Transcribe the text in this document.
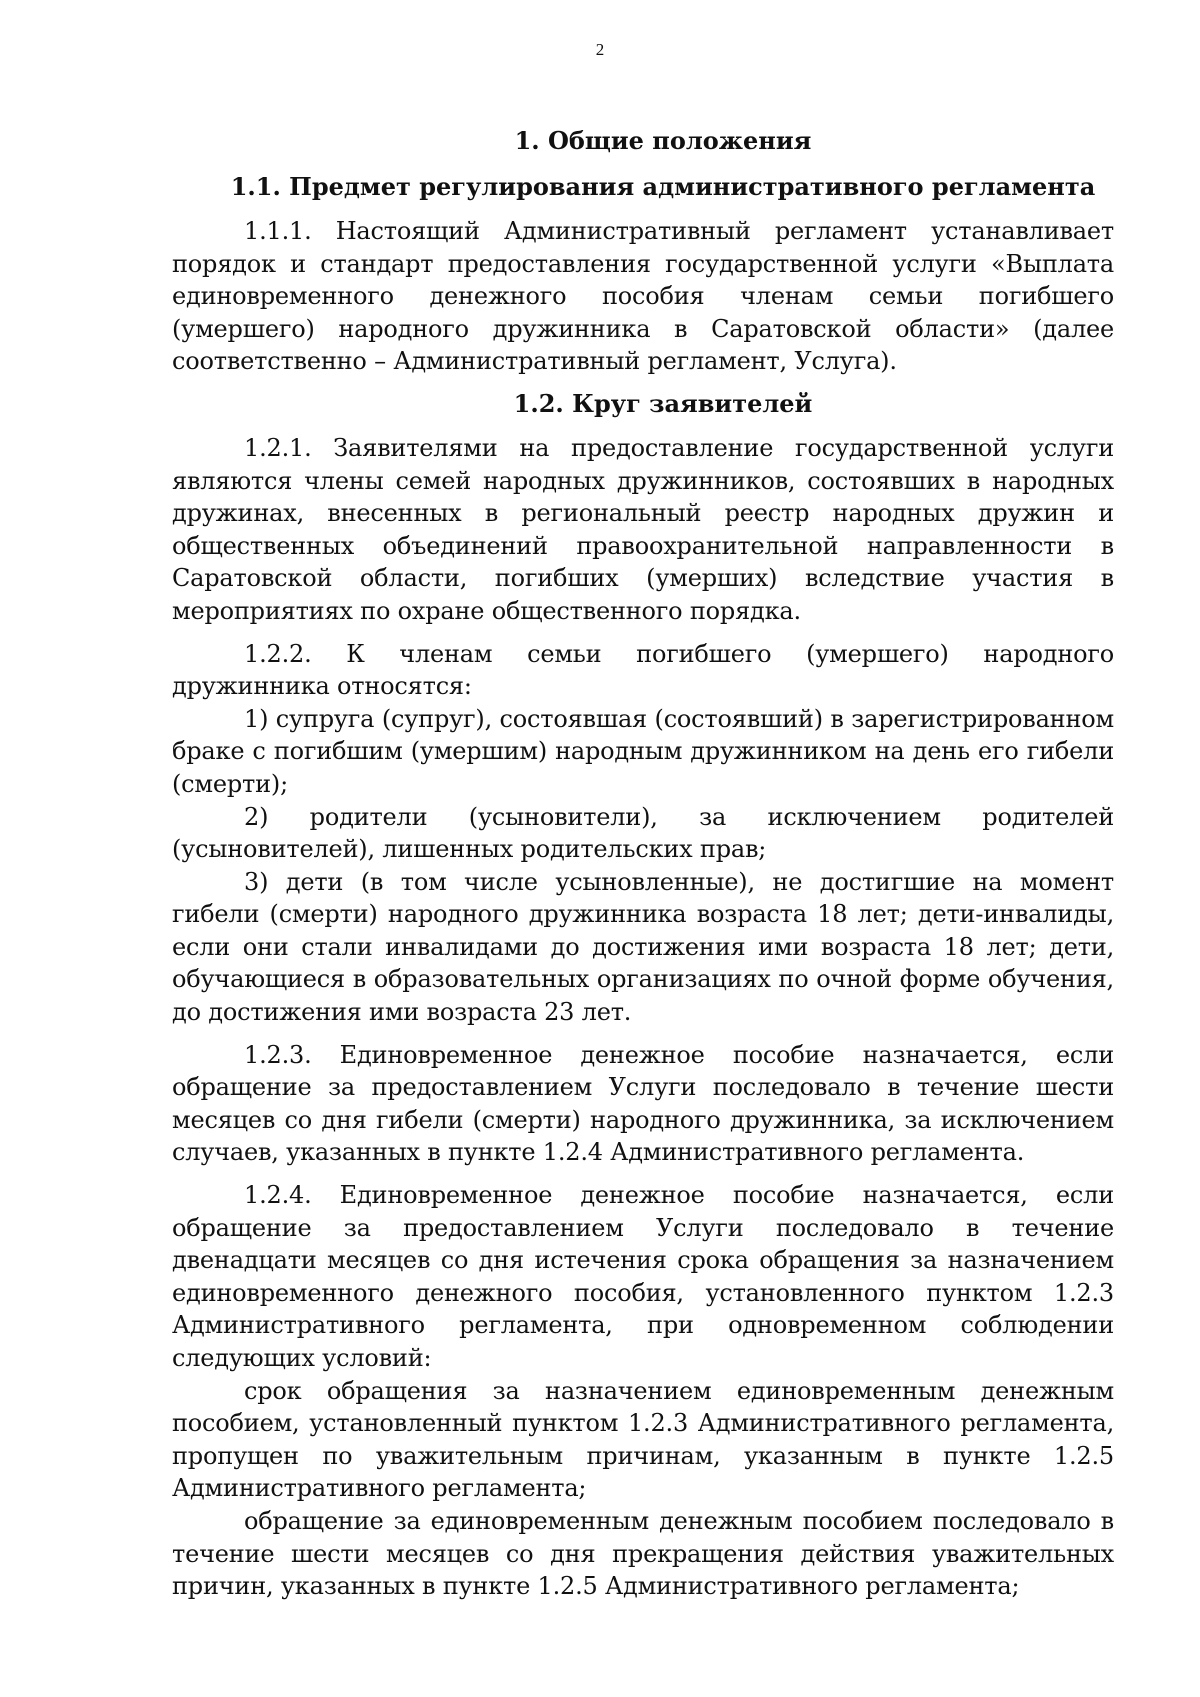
2
1. Общие положения
1.1. Предмет регулирования административного регламента

1.1.1. Настоящий Административный регламент устанавливает порядок и стандарт предоставления государственной услуги «Выплата единовременного денежного пособия членам семьи погибшего (умершего) народного дружинника в Саратовской области» (далее соответственно – Административный регламент, Услуга).

1.2. Круг заявителей

1.2.1. Заявителями на предоставление государственной услуги являются члены семей народных дружинников, состоявших в народных дружинах, внесенных в региональный реестр народных дружин и общественных объединений правоохранительной направленности в Саратовской области, погибших (умерших) вследствие участия в мероприятиях по охране общественного порядка.

1.2.2. К членам семьи погибшего (умершего) народного дружинника относятся:

1) супруга (супруг), состоявшая (состоявший) в зарегистрированном браке с погибшим (умершим) народным дружинником на день его гибели (смерти);

2) родители (усыновители), за исключением родителей (усыновителей), лишенных родительских прав;

3) дети (в том числе усыновленные), не достигшие на момент гибели (смерти) народного дружинника возраста 18 лет; дети-инвалиды, если они стали инвалидами до достижения ими возраста 18 лет; дети, обучающиеся в образовательных организациях по очной форме обучения, до достижения ими возраста 23 лет.

1.2.3. Единовременное денежное пособие назначается, если обращение за предоставлением Услуги последовало в течение шести месяцев со дня гибели (смерти) народного дружинника, за исключением случаев, указанных в пункте 1.2.4 Административного регламента.

1.2.4. Единовременное денежное пособие назначается, если обращение за предоставлением Услуги последовало в течение двенадцати месяцев со дня истечения срока обращения за назначением единовременного денежного пособия, установленного пунктом 1.2.3 Административного регламента, при одновременном соблюдении следующих условий:

срок обращения за назначением единовременным денежным пособием, установленный пунктом 1.2.3 Административного регламента, пропущен по уважительным причинам, указанным в пункте 1.2.5 Административного регламента;

обращение за единовременным денежным пособием последовало в течение шести месяцев со дня прекращения действия уважительных причин, указанных в пункте 1.2.5 Административного регламента;
